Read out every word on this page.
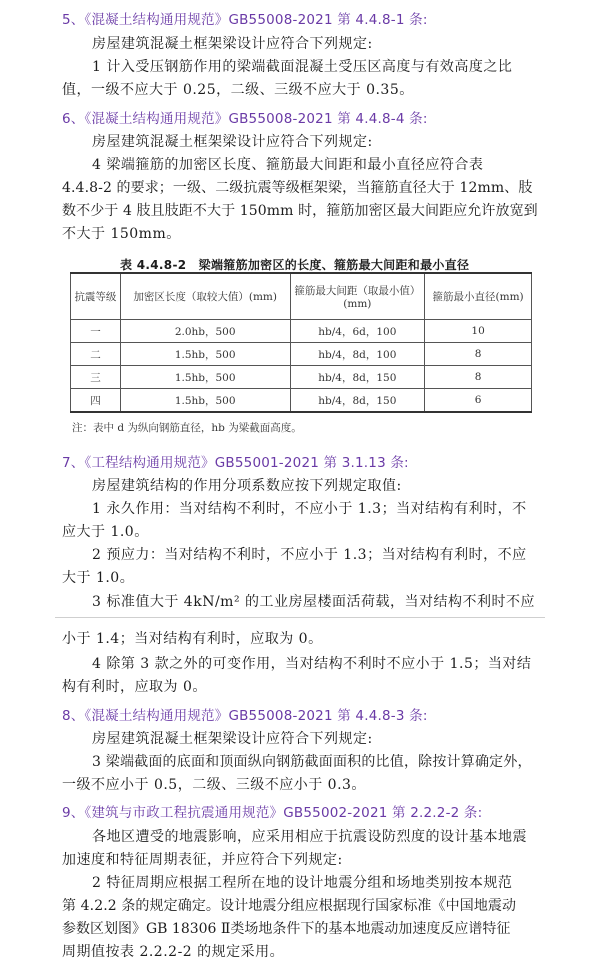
5、《混凝土结构通用规范》GB55008-2021 第 4.4.8-1 条:
房屋建筑混凝土框架梁设计应符合下列规定:
1 计入受压钢筋作用的梁端截面混凝土受压区高度与有效高度之比
值，一级不应大于 0.25，二级、三级不应大于 0.35。
6、《混凝土结构通用规范》GB55008-2021 第 4.4.8-4 条:
房屋建筑混凝土框架梁设计应符合下列规定:
4 梁端箍筋的加密区长度、箍筋最大间距和最小直径应符合表
4.4.8-2 的要求；一级、二级抗震等级框架梁，当箍筋直径大于 12mm、肢
数不少于 4 肢且肢距不大于 150mm 时，箍筋加密区最大间距应允许放宽到
不大于 150mm。
表 4.4.8-2　梁端箍筋加密区的长度、箍筋最大间距和最小直径
抗震等级	加密区长度（取较大值）(mm)	箍筋最大间距（取最小值）(mm)	箍筋最小直径(mm)
一	2.0hb，500	hb/4，6d，100	10
二	1.5hb，500	hb/4，8d，100	8
三	1.5hb，500	hb/4，8d，150	8
四	1.5hb，500	hb/4，8d，150	6
注：表中 d 为纵向钢筋直径，hb 为梁截面高度。
7、《工程结构通用规范》GB55001-2021 第 3.1.13 条:
房屋建筑结构的作用分项系数应按下列规定取值:
1 永久作用：当对结构不利时，不应小于 1.3；当对结构有利时，不
应大于 1.0。
2 预应力：当对结构不利时，不应小于 1.3；当对结构有利时，不应
大于 1.0。
3 标准值大于 4kN/m² 的工业房屋楼面活荷载，当对结构不利时不应
小于 1.4；当对结构有利时，应取为 0。
4 除第 3 款之外的可变作用，当对结构不利时不应小于 1.5；当对结
构有利时，应取为 0。
8、《混凝土结构通用规范》GB55008-2021 第 4.4.8-3 条:
房屋建筑混凝土框架梁设计应符合下列规定:
3 梁端截面的底面和顶面纵向钢筋截面面积的比值，除按计算确定外，
一级不应小于 0.5，二级、三级不应小于 0.3。
9、《建筑与市政工程抗震通用规范》GB55002-2021 第 2.2.2-2 条:
各地区遭受的地震影响，应采用相应于抗震设防烈度的设计基本地震
加速度和特征周期表征，并应符合下列规定:
2 特征周期应根据工程所在地的设计地震分组和场地类别按本规范
第 4.2.2 条的规定确定。设计地震分组应根据现行国家标准《中国地震动
参数区划图》GB 18306 Ⅱ类场地条件下的基本地震动加速度反应谱特征
周期值按表 2.2.2-2 的规定采用。
